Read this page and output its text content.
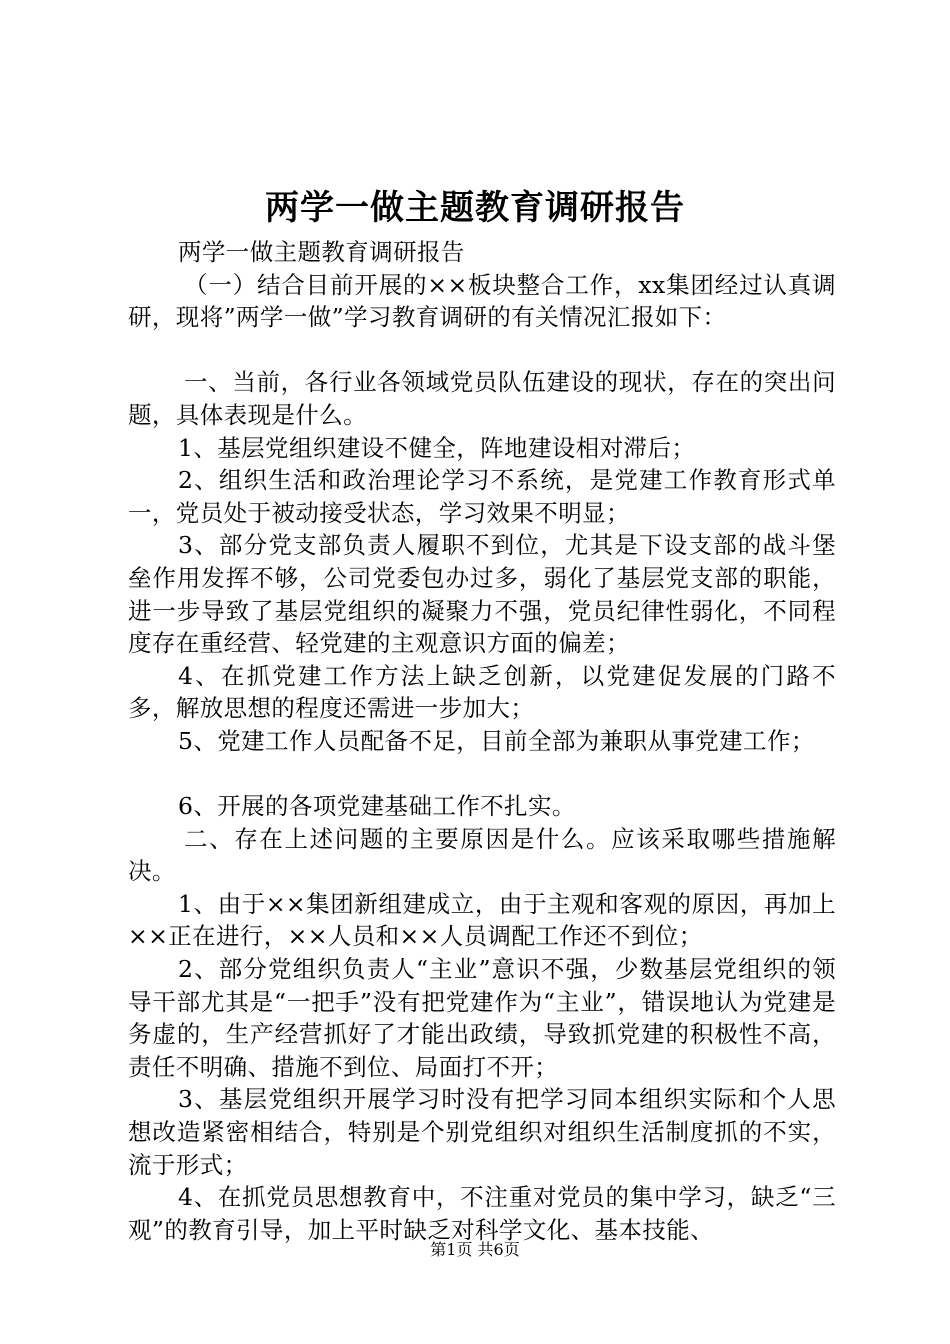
两学一做主题教育调研报告

两学一做主题教育调研报告

（一）结合目前开展的××板块整合工作，xx集团经过认真调研，现将”两学一做”学习教育调研的有关情况汇报如下：

一、当前，各行业各领域党员队伍建设的现状，存在的突出问题，具体表现是什么。

1、基层党组织建设不健全，阵地建设相对滞后；

2、组织生活和政治理论学习不系统，是党建工作教育形式单一，党员处于被动接受状态，学习效果不明显；

3、部分党支部负责人履职不到位，尤其是下设支部的战斗堡垒作用发挥不够，公司党委包办过多，弱化了基层党支部的职能，进一步导致了基层党组织的凝聚力不强，党员纪律性弱化，不同程度存在重经营、轻党建的主观意识方面的偏差；

4、在抓党建工作方法上缺乏创新，以党建促发展的门路不多，解放思想的程度还需进一步加大；

5、党建工作人员配备不足，目前全部为兼职从事党建工作；

6、开展的各项党建基础工作不扎实。

二、存在上述问题的主要原因是什么。应该采取哪些措施解决。

1、由于××集团新组建成立，由于主观和客观的原因，再加上××正在进行，××人员和××人员调配工作还不到位；

2、部分党组织负责人“主业”意识不强，少数基层党组织的领导干部尤其是“一把手”没有把党建作为“主业”，错误地认为党建是务虚的，生产经营抓好了才能出政绩，导致抓党建的积极性不高，责任不明确、措施不到位、局面打不开；

3、基层党组织开展学习时没有把学习同本组织实际和个人思想改造紧密相结合，特别是个别党组织对组织生活制度抓的不实，流于形式；

4、在抓党员思想教育中，不注重对党员的集中学习，缺乏“三观”的教育引导，加上平时缺乏对科学文化、基本技能、

第1页 共6页
